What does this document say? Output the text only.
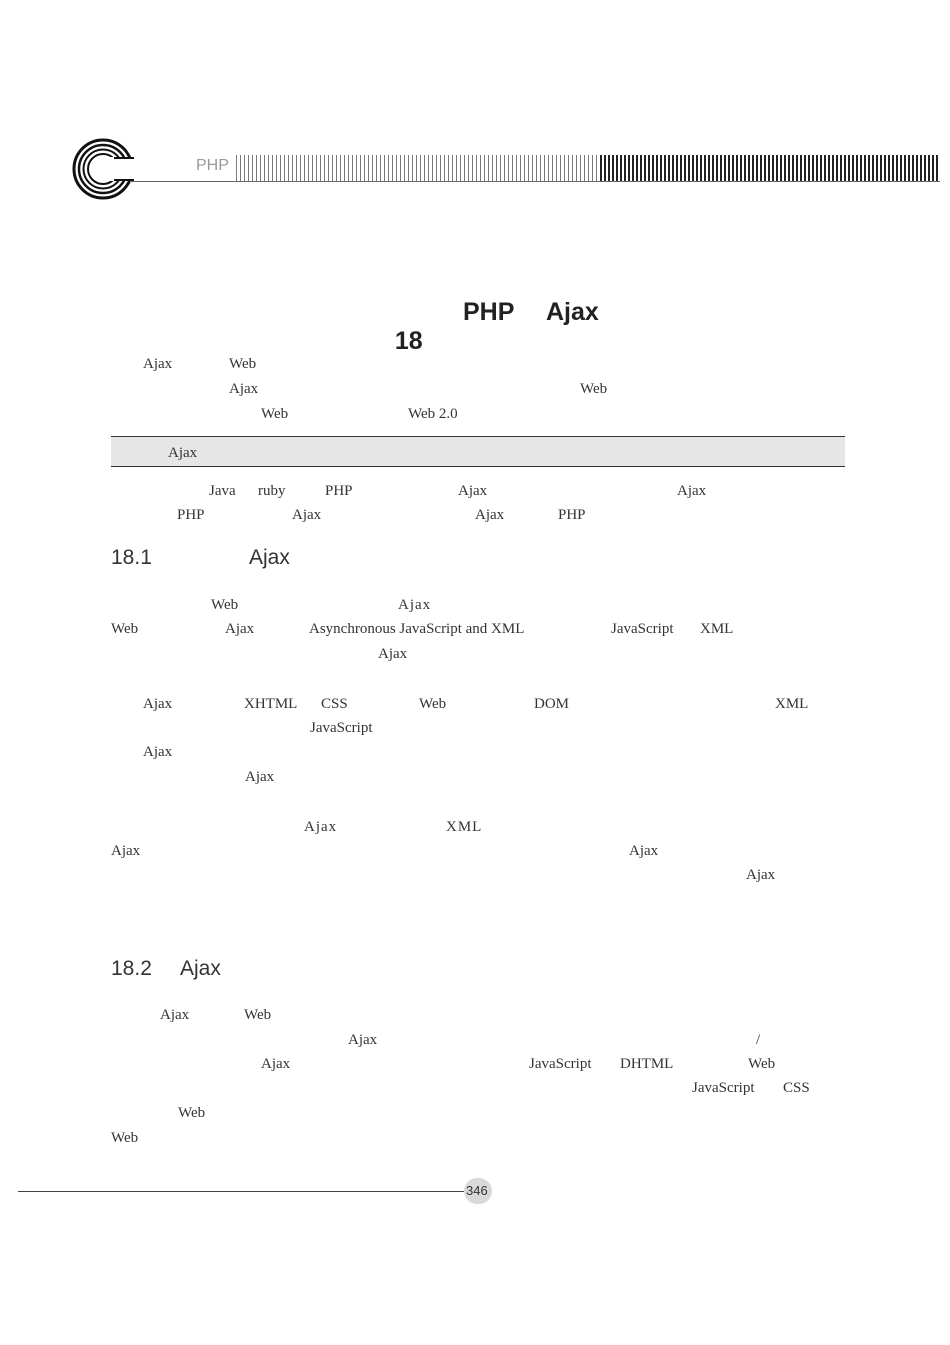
PHP

18

PHP Ajax
Ajax	Web
Ajax	Web
Web	Web 2.0
Ajax
Java ruby	PHP	Ajax	Ajax
PHP	Ajax	Ajax	PHP
18.1	Ajax
Web	Ajax
Web	Ajax	Asynchronous JavaScript and XML	JavaScript XML
Ajax
Ajax	XHTML CSS	Web	DOM	XML
JavaScript
Ajax
Ajax
Ajax	XML
Ajax	Ajax
Ajax
18.2 Ajax
Ajax	Web
Ajax	/
Ajax	JavaScript DHTML	Web
JavaScript CSS
Web
Web
346
